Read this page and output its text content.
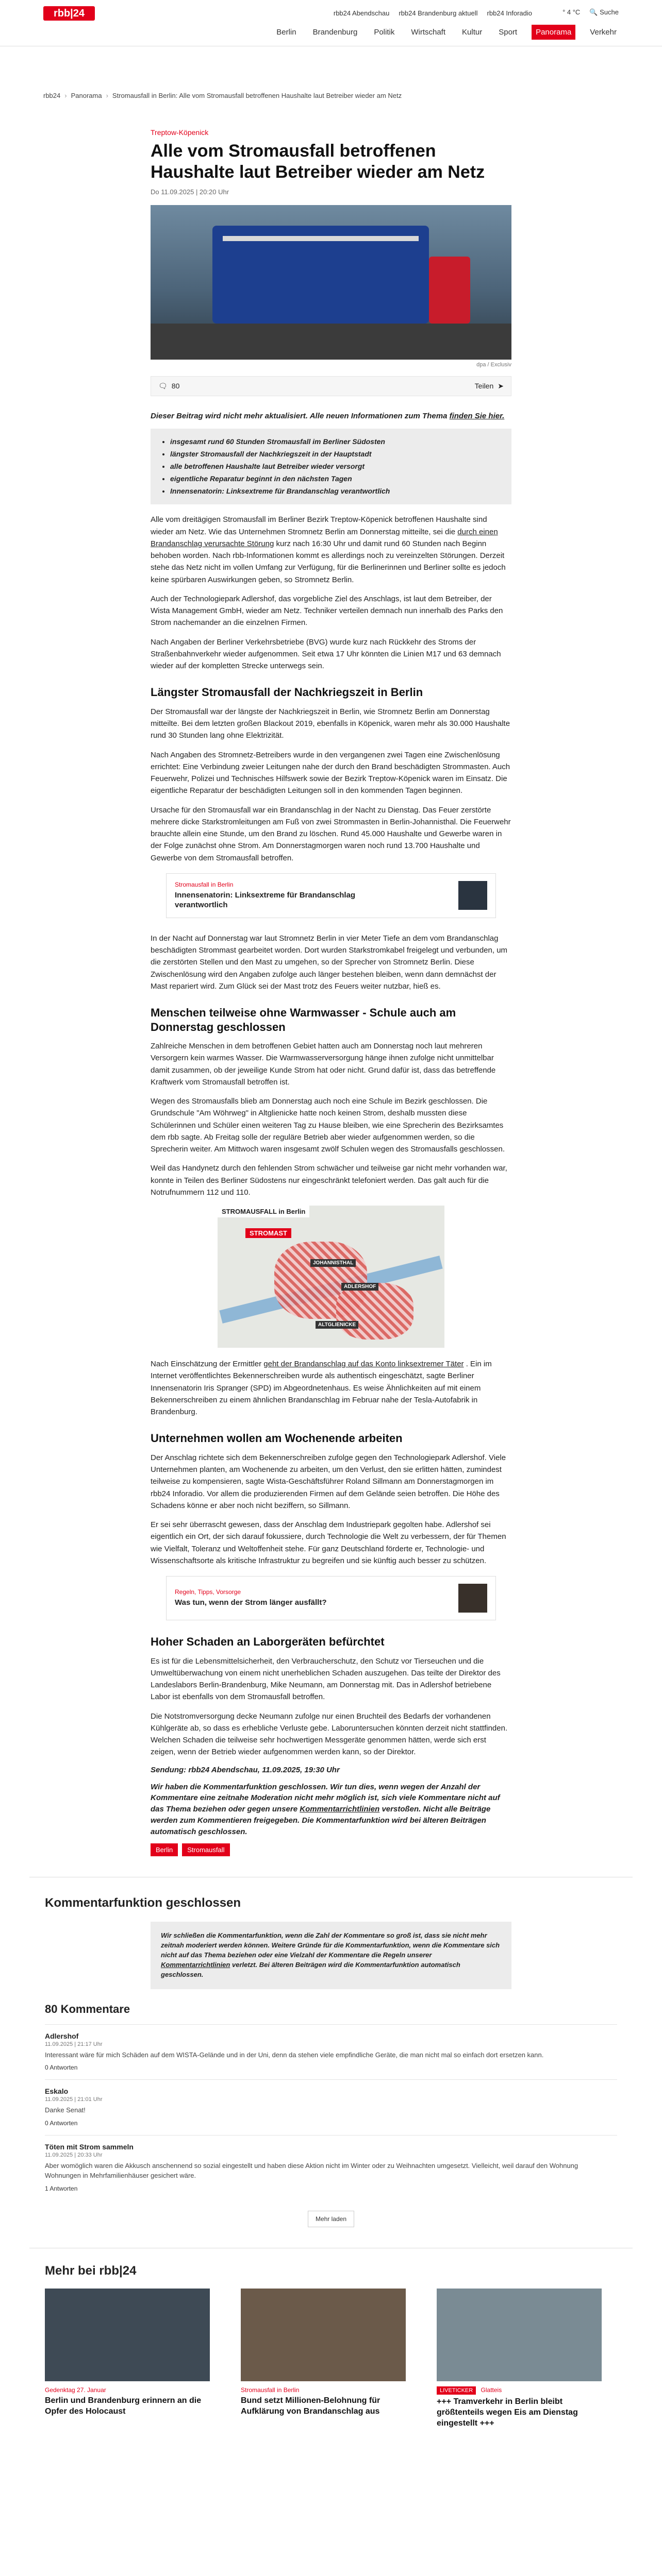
rbb|24	rbb24 Abendschau rbb24 Brandenburg aktuell rbb24 Inforadio	° 4 °C 🔍 Suche
Berlin Brandenburg Politik Wirtschaft Kultur Sport	Panorama	Verkehr
rbb24 › Panorama › Stromausfall in Berlin: Alle vom Stromausfall betroffenen Haushalte laut Betreiber wieder am Netz
Treptow-Köpenick
Alle vom Stromausfall betroffenen Haushalte laut Betreiber wieder am Netz
Do 11.09.2025 | 20:20 Uhr
dpa / Exclusiv
🗨 80	Teilen ➤
Dieser Beitrag wird nicht mehr aktualisiert. Alle neuen Informationen zum Thema finden Sie hier.
• insgesamt rund 60 Stunden Stromausfall im Berliner Südosten
• längster Stromausfall der Nachkriegszeit in der Hauptstadt
• alle betroffenen Haushalte laut Betreiber wieder versorgt
• eigentliche Reparatur beginnt in den nächsten Tagen
• Innensenatorin: Linksextreme für Brandanschlag verantwortlich

Alle vom dreitägigen Stromausfall im Berliner Bezirk Treptow-Köpenick betroffenen Haushalte sind wieder am Netz. Wie das Unternehmen Stromnetz Berlin am Donnerstag mitteilte, sei die durch einen Brandanschlag verursachte Störung kurz nach 16:30 Uhr und damit rund 60 Stunden nach Beginn behoben worden. Nach rbb-Informationen kommt es allerdings noch zu vereinzelten Störungen. Derzeit stehe das Netz nicht im vollen Umfang zur Verfügung, für die Berlinerinnen und Berliner sollte es jedoch keine spürbaren Auswirkungen geben, so Stromnetz Berlin.

Auch der Technologiepark Adlershof, das vorgebliche Ziel des Anschlags, ist laut dem Betreiber, der Wista Management GmbH, wieder am Netz. Techniker verteilen demnach nun innerhalb des Parks den Strom nachemander an die einzelnen Firmen.

Nach Angaben der Berliner Verkehrsbetriebe (BVG) wurde kurz nach Rückkehr des Stroms der Straßenbahnverkehr wieder aufgenommen. Seit etwa 17 Uhr könnten die Linien M17 und 63 demnach wieder auf der kompletten Strecke unterwegs sein.

Längster Stromausfall der Nachkriegszeit in Berlin

Der Stromausfall war der längste der Nachkriegszeit in Berlin, wie Stromnetz Berlin am Donnerstag mitteilte. Bei dem letzten großen Blackout 2019, ebenfalls in Köpenick, waren mehr als 30.000 Haushalte rund 30 Stunden lang ohne Elektrizität.

Nach Angaben des Stromnetz-Betreibers wurde in den vergangenen zwei Tagen eine Zwischenlösung errichtet: Eine Verbindung zweier Leitungen nahe der durch den Brand beschädigten Strommasten. Auch Feuerwehr, Polizei und Technisches Hilfswerk sowie der Bezirk Treptow-Köpenick waren im Einsatz. Die eigentliche Reparatur der beschädigten Leitungen soll in den kommenden Tagen beginnen.

Ursache für den Stromausfall war ein Brandanschlag in der Nacht zu Dienstag. Das Feuer zerstörte mehrere dicke Starkstromleitungen am Fuß von zwei Strommasten in Berlin-Johannisthal. Die Feuerwehr brauchte allein eine Stunde, um den Brand zu löschen. Rund 45.000 Haushalte und Gewerbe waren in der Folge zunächst ohne Strom. Am Donnerstagmorgen waren noch rund 13.700 Haushalte und Gewerbe von dem Stromausfall betroffen.

Stromausfall in Berlin
Innensenatorin: Linksextreme für Brandanschlag verantwortlich

In der Nacht auf Donnerstag war laut Stromnetz Berlin in vier Meter Tiefe an dem vom Brandanschlag beschädigten Strommast gearbeitet worden. Dort wurden Starkstromkabel freigelegt und verbunden, um die zerstörten Stellen und den Mast zu umgehen, so der Sprecher von Stromnetz Berlin. Diese Zwischenlösung wird den Angaben zufolge auch länger bestehen bleiben, wenn dann demnächst der Mast repariert wird. Zum Glück sei der Mast trotz des Feuers weiter nutzbar, hieß es.

Menschen teilweise ohne Warmwasser - Schule auch am Donnerstag geschlossen

Zahlreiche Menschen in dem betroffenen Gebiet hatten auch am Donnerstag noch laut mehreren Versorgern kein warmes Wasser. Die Warmwasserversorgung hänge ihnen zufolge nicht unmittelbar damit zusammen, ob der jeweilige Kunde Strom hat oder nicht. Grund dafür ist, dass das betreffende Kraftwerk vom Stromausfall betroffen ist.

Wegen des Stromausfalls blieb am Donnerstag auch noch eine Schule im Bezirk geschlossen. Die Grundschule "Am Wöhrweg" in Altglienicke hatte noch keinen Strom, deshalb mussten diese Schülerinnen und Schüler einen weiteren Tag zu Hause bleiben, wie eine Sprecherin des Bezirksamtes dem rbb sagte. Ab Freitag solle der reguläre Betrieb aber wieder aufgenommen werden, so die Sprecherin weiter. Am Mittwoch waren insgesamt zwölf Schulen wegen des Stromausfalls geschlossen.

Weil das Handynetz durch den fehlenden Strom schwächer und teilweise gar nicht mehr vorhanden war, konnte in Teilen des Berliner Südostens nur eingeschränkt telefoniert werden. Das galt auch für die Notrufnummern 112 und 110.

STROMAUSFALL in Berlin
STROMAST
JOHANNISTHAL
ADLERSHOF
ALTGLIENICKE

Nach Einschätzung der Ermittler geht der Brandanschlag auf das Konto linksextremer Täter . Ein im Internet veröffentlichtes Bekennerschreiben wurde als authentisch eingeschätzt, sagte Berliner Innensenatorin Iris Spranger (SPD) im Abgeordnetenhaus. Es weise Ähnlichkeiten auf mit einem Bekennerschreiben zu einem ähnlichen Brandanschlag im Februar nahe der Tesla-Autofabrik in Brandenburg.

Unternehmen wollen am Wochenende arbeiten

Der Anschlag richtete sich dem Bekennerschreiben zufolge gegen den Technologiepark Adlershof. Viele Unternehmen planten, am Wochenende zu arbeiten, um den Verlust, den sie erlitten hätten, zumindest teilweise zu kompensieren, sagte Wista-Geschäftsführer Roland Sillmann am Donnerstagmorgen im rbb24 Inforadio. Vor allem die produzierenden Firmen auf dem Gelände seien betroffen. Die Höhe des Schadens könne er aber noch nicht beziffern, so Sillmann.

Er sei sehr überrascht gewesen, dass der Anschlag dem Industriepark gegolten habe. Adlershof sei eigentlich ein Ort, der sich darauf fokussiere, durch Technologie die Welt zu verbessern, der für Themen wie Vielfalt, Toleranz und Weltoffenheit stehe. Für ganz Deutschland förderte er, Technologie- und Wissenschaftsorte als kritische Infrastruktur zu begreifen und sie künftig auch besser zu schützen.

Regeln, Tipps, Vorsorge
Was tun, wenn der Strom länger ausfällt?
Hoher Schaden an Laborgeräten befürchtet

Es ist für die Lebensmittelsicherheit, den Verbraucherschutz, den Schutz vor Tierseuchen und die Umweltüberwachung von einem nicht unerheblichen Schaden auszugehen. Das teilte der Direktor des Landeslabors Berlin-Brandenburg, Mike Neumann, am Donnerstag mit. Das in Adlershof betriebene Labor ist ebenfalls von dem Stromausfall betroffen.

Die Notstromversorgung decke Neumann zufolge nur einen Bruchteil des Bedarfs der vorhandenen Kühlgeräte ab, so dass es erhebliche Verluste gebe. Laboruntersuchen könnten derzeit nicht stattfinden. Welchen Schaden die teilweise sehr hochwertigen Messgeräte genommen hätten, werde sich erst zeigen, wenn der Betrieb wieder aufgenommen werden kann, so der Direktor.

Sendung: rbb24 Abendschau, 11.09.2025, 19:30 Uhr
Wir haben die Kommentarfunktion geschlossen. Wir tun dies, wenn wegen der Anzahl der Kommentare eine zeitnahe Moderation nicht mehr möglich ist, sich viele Kommentare nicht auf das Thema beziehen oder gegen unsere Kommentarrichtlinien verstoßen. Nicht alle Beiträge werden zum Kommentieren freigegeben. Die Kommentarfunktion wird bei älteren Beiträgen automatisch geschlossen.
Berlin	Stromausfall
Kommentarfunktion geschlossen
Wir schließen die Kommentarfunktion, wenn die Zahl der Kommentare so groß ist, dass sie nicht mehr zeitnah moderiert werden können. Weitere Gründe für die Kommentarfunktion, wenn die Kommentare sich nicht auf das Thema beziehen oder eine Vielzahl der Kommentare die Regeln unserer Kommentarrichtlinien verletzt. Bei älteren Beiträgen wird die Kommentarfunktion automatisch geschlossen.
80 Kommentare
Adlershof
11.09.2025 | 21:17 Uhr
Interessant wäre für mich Schäden auf dem WISTA-Gelände und in der Uni, denn da stehen viele empfindliche Geräte, die man nicht mal so einfach dort ersetzen kann.
0 Antworten
Eskalo
11.09.2025 | 21:01 Uhr
Danke Senat!
0 Antworten
Töten mit Strom sammeln
11.09.2025 | 20:33 Uhr
Aber womöglich waren die Akkusch anschennend so sozial eingestellt und haben diese Aktion nicht im Winter oder zu Weihnachten umgesetzt. Vielleicht, weil darauf den Wohnung Wohnungen in Mehrfamilienhäuser gesichert wäre.
1 Antworten
Mehr laden
Mehr bei rbb|24
Gedenktag 27. Januar
Berlin und Brandenburg erinnern an die Opfer des Holocaust
Stromausfall in Berlin
Bund setzt Millionen-Belohnung für Aufklärung von Brandanschlag aus
LIVETICKER Glatteis
+++ Tramverkehr in Berlin bleibt größtenteils wegen Eis am Dienstag eingestellt +++
